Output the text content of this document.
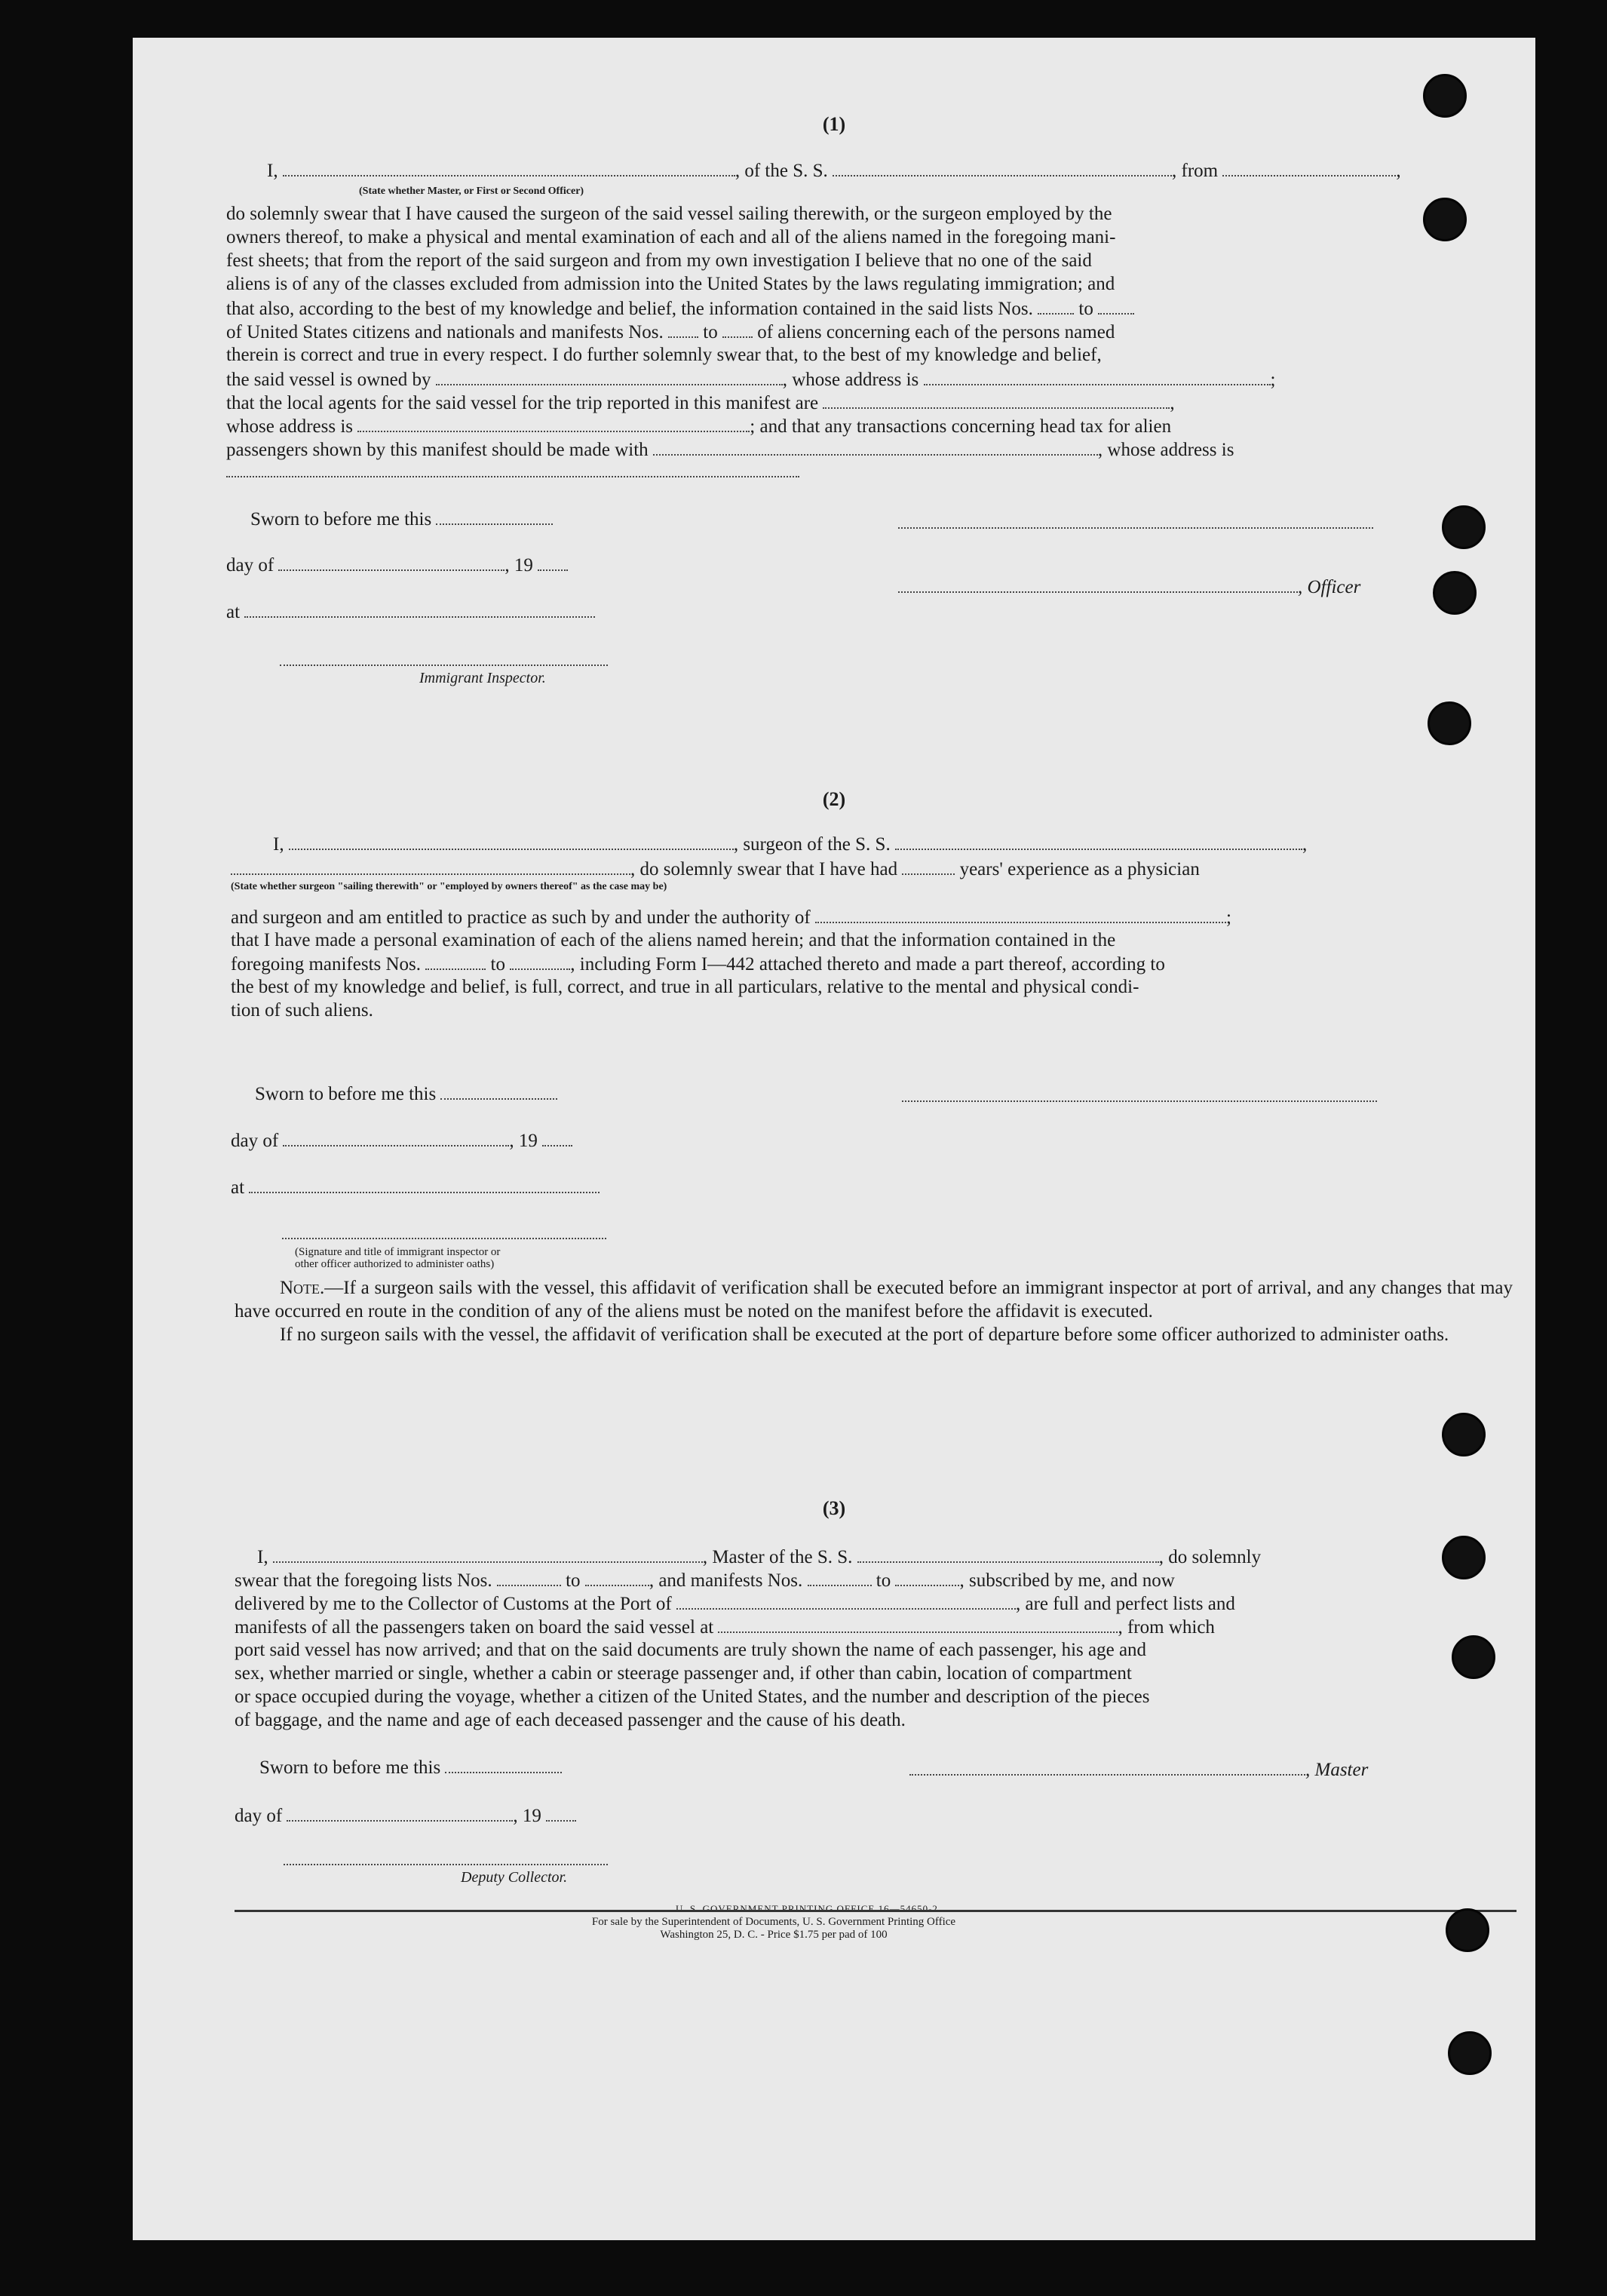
(1)
I,	, of the S. S.	, from	,
(State whether Master, or First or Second Officer)

do solemnly swear that I have caused the surgeon of the said vessel sailing therewith, or the surgeon employed by the

owners thereof, to make a physical and mental examination of each and all of the aliens named in the foregoing mani-

fest sheets; that from the report of the said surgeon and from my own investigation I believe that no one of the said

aliens is of any of the classes excluded from admission into the United States by the laws regulating immigration; and

that also, according to the best of my knowledge and belief, the information contained in the said lists Nos. to
of United States citizens and nationals and manifests Nos. to of aliens concerning each of the persons named

therein is correct and true in every respect. I do further solemnly swear that, to the best of my knowledge and belief,

the said vessel is owned by	, whose address is	;
that the local agents for the said vessel for the trip reported in this manifest are	,
whose address is	; and that any transactions concerning head tax for alien
passengers shown by this manifest should be made with	, whose address is
Sworn to before me this
day of	, 19
, Officer
at
Immigrant Inspector.
(2)
I,	, surgeon of the S. S.	,
, do solemnly swear that I have had	years' experience as a physician
(State whether surgeon "sailing therewith" or "employed by owners thereof" as the case may be)
and surgeon and am entitled to practice as such by and under the authority of	;

that I have made a personal examination of each of the aliens named herein; and that the information contained in the

foregoing manifests Nos.	to	, including Form I—442 attached thereto and made a part thereof, according to

the best of my knowledge and belief, is full, correct, and true in all particulars, relative to the mental and physical condi-

tion of such aliens.

Sworn to before me this
day of	, 19
at
(Signature and title of immigrant inspector or
other officer authorized to administer oaths)

Note.—If a surgeon sails with the vessel, this affidavit of verification shall be executed before an immigrant inspector at port of arrival, and any changes that may have occurred en route in the condition of any of the aliens must be noted on the manifest before the affidavit is executed.

If no surgeon sails with the vessel, the affidavit of verification shall be executed at the port of departure before some officer authorized to administer oaths.

(3)
I,	, Master of the S. S.	, do solemnly
swear that the foregoing lists Nos.	to	, and manifests Nos.	to	, subscribed by me, and now
delivered by me to the Collector of Customs at the Port of	, are full and perfect lists and
manifests of all the passengers taken on board the said vessel at	, from which

port said vessel has now arrived; and that on the said documents are truly shown the name of each passenger, his age and

sex, whether married or single, whether a cabin or steerage passenger and, if other than cabin, location of compartment

or space occupied during the voyage, whether a citizen of the United States, and the number and description of the pieces

of baggage, and the name and age of each deceased passenger and the cause of his death.

Sworn to before me this	, Master
day of	, 19
Deputy Collector.
U. S. GOVERNMENT PRINTING OFFICE 16—54650-2
For sale by the Superintendent of Documents, U. S. Government Printing Office
Washington 25, D. C. - Price $1.75 per pad of 100
